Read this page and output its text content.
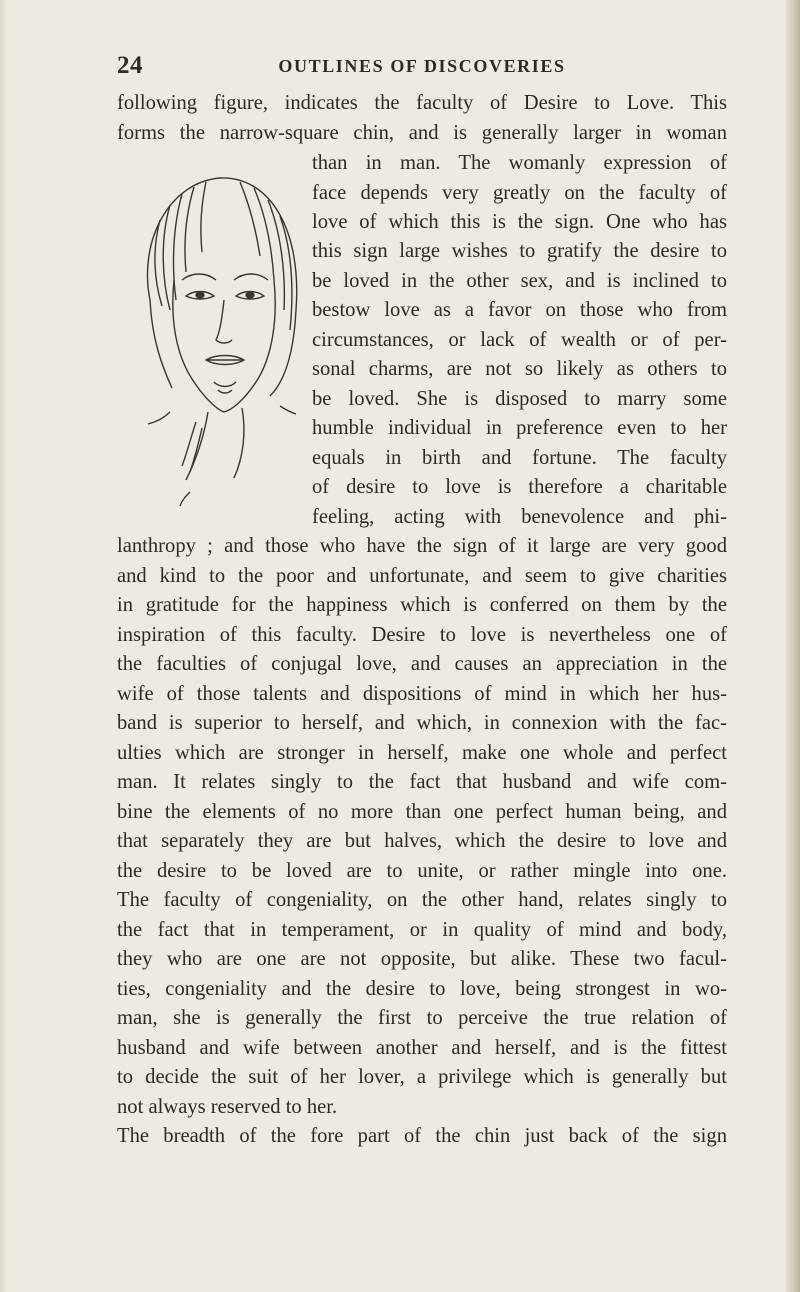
24	OUTLINES OF DISCOVERIES
following figure, indicates the faculty of Desire to Love. This
forms the narrow-square chin, and is generally larger in woman
than in man. The womanly expression of
face depends very greatly on the faculty of
love of which this is the sign. One who has
this sign large wishes to gratify the desire to
be loved in the other sex, and is inclined to
bestow love as a favor on those who from
circumstances, or lack of wealth or of per-
sonal charms, are not so likely as others to
be loved. She is disposed to marry some
humble individual in preference even to her
equals in birth and fortune. The faculty
of desire to love is therefore a charitable
feeling, acting with benevolence and phi-
lanthropy ; and those who have the sign of it large are very good
and kind to the poor and unfortunate, and seem to give charities
in gratitude for the happiness which is conferred on them by the
inspiration of this faculty. Desire to love is nevertheless one of
the faculties of conjugal love, and causes an appreciation in the
wife of those talents and dispositions of mind in which her hus-
band is superior to herself, and which, in connexion with the fac-
ulties which are stronger in herself, make one whole and perfect
man. It relates singly to the fact that husband and wife com-
bine the elements of no more than one perfect human being, and
that separately they are but halves, which the desire to love and
the desire to be loved are to unite, or rather mingle into one.
The faculty of congeniality, on the other hand, relates singly to
the fact that in temperament, or in quality of mind and body,
they who are one are not opposite, but alike. These two facul-
ties, congeniality and the desire to love, being strongest in wo-
man, she is generally the first to perceive the true relation of
husband and wife between another and herself, and is the fittest
to decide the suit of her lover, a privilege which is generally but
not always reserved to her.
The breadth of the fore part of the chin just back of the sign
